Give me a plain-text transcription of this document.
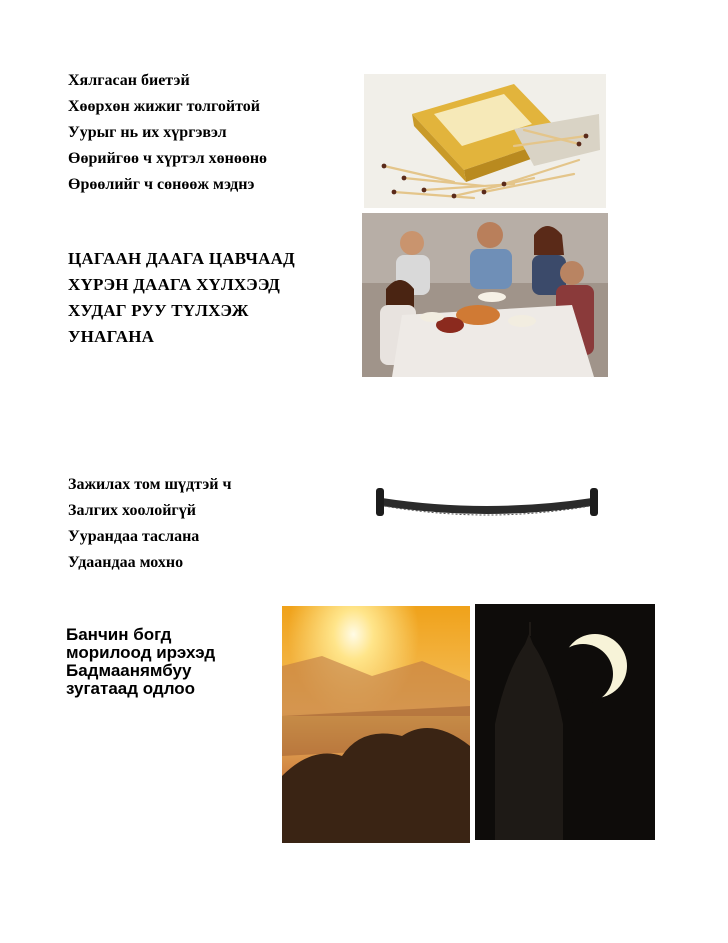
Хялгасан биетэй
Хөөрхөн жижиг толгойтой
Уурыг нь их хүргэвэл
Өөрийгөө ч хүртэл хөнөөнө
Өрөөлийг ч сөнөөж мэднэ
ЦАГААН ДААГА ЦАВЧААД
ХҮРЭН ДААГА ХҮЛХЭЭД
ХУДАГ РУУ ТҮЛХЭЖ
УНАГАНА
Зажилах том шүдтэй ч
Залгих хоолойгүй
Уурандаа таслана
Удаандаа мохно
Банчин богд
морилоод ирэхэд
Бадмаанямбуу
зугатаад одлоо
